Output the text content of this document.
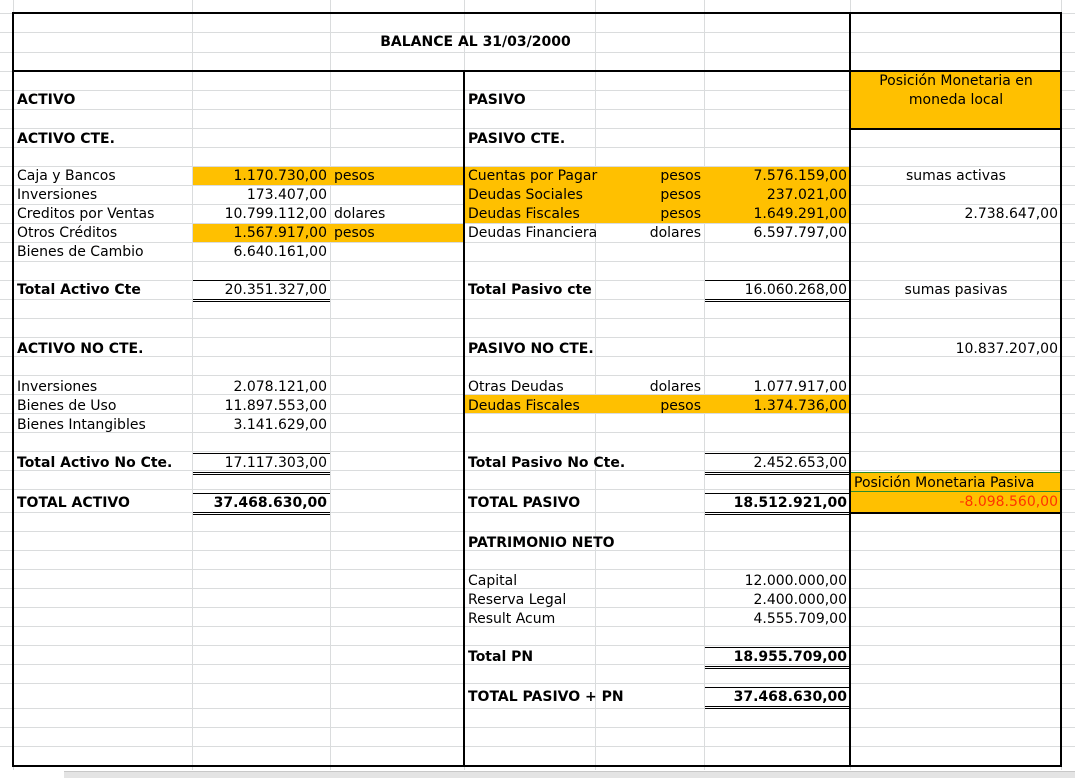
BALANCE AL 31/03/2000
ACTIVO
ACTIVO CTE.
Caja y Bancos	1.170.730,00 pesos
Inversiones	173.407,00
Creditos por Ventas	10.799.112,00 dolares
Otros Créditos	1.567.917,00 pesos
Bienes de Cambio	6.640.161,00
Total Activo Cte	20.351.327,00
ACTIVO NO CTE.
Inversiones	2.078.121,00
Bienes de Uso	11.897.553,00
Bienes Intangibles	3.141.629,00
Total Activo No Cte.	17.117.303,00
TOTAL ACTIVO	37.468.630,00
PASIVO
PASIVO CTE.
Cuentas por Pagar	pesos	7.576.159,00
Deudas Sociales	pesos	237.021,00
Deudas Fiscales	pesos	1.649.291,00
Deudas Financiera	dolares	6.597.797,00
Total Pasivo cte	16.060.268,00
PASIVO NO CTE.
Otras Deudas	dolares	1.077.917,00
Deudas Fiscales	pesos	1.374.736,00
Total Pasivo No Cte.	2.452.653,00
TOTAL PASIVO	18.512.921,00
PATRIMONIO NETO
Capital	12.000.000,00
Reserva Legal	2.400.000,00
Result Acum	4.555.709,00
Total PN	18.955.709,00
TOTAL PASIVO + PN	37.468.630,00
Posición Monetaria en
moneda local
sumas activas
2.738.647,00
sumas pasivas
10.837.207,00
Posición Monetaria Pasiva
-8.098.560,00
